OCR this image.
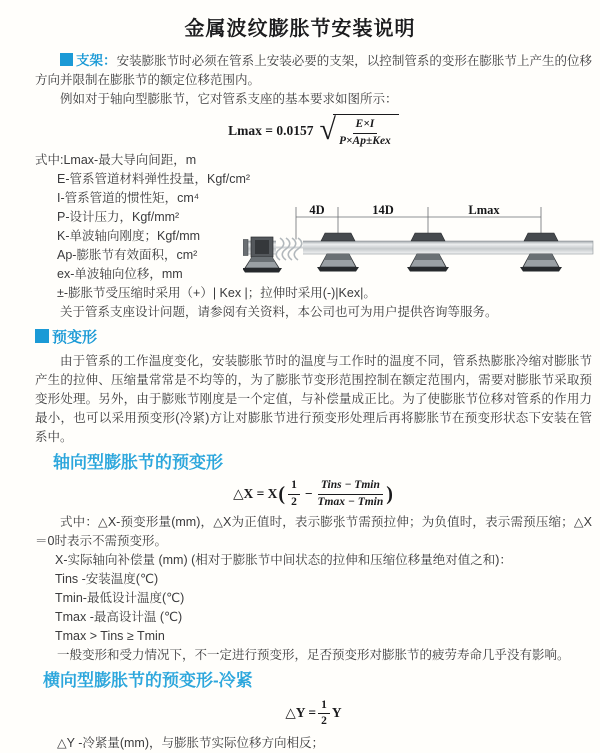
金属波纹膨胀节安装说明

支架：安装膨胀节时必须在管系上安装必要的支架，以控制管系的变形在膨胀节上产生的位移方向并限制在膨胀节的额定位移范围内。

例如对于轴向型膨胀节，它对管系支座的基本要求如图所示：

Lmax = 0.0157 √ $\frac{E\times I}{\text{P×Ap±Kex}}$
式中:Lmax-最大导向间距，m
E-管系管道材料弹性投量，Kgf/cm²
I-管系管道的惯性矩，cm⁴
P-设计压力，Kgf/mm²
K-单波轴向刚度；Kgf/mm
Ap-膨胀节有效面积，cm²
ex-单波轴向位移，mm
±-膨胀节受压缩时采用（+）| Kex |；拉伸时采用(-)|Kex|。

关于管系支座设计问题，请参阅有关资料，本公司也可为用户提供咨询等服务。

预变形

由于管系的工作温度变化，安装膨胀节时的温度与工作时的温度不同，管系热膨胀冷缩对膨胀节产生的拉伸、压缩量常常是不均等的，为了膨胀节变形范围控制在额定范围内，需要对膨胀节采取预变形处理。另外，由于膨账节刚度是一个定值，与补偿量成正比。为了使膨胀节位移对管系的作用力最小，也可以采用预变形(冷紧)方让对膨胀节进行预变形处理后再将膨胀节在预变形状态下安装在管系中。

轴向型膨胀节的预变形
△X = X ( $\frac{1}{2} - \frac{\text{Tins − Tmin}}{Tmax - Tmin}$ )

式中：△X-预变形量(mm)，△X为正值时，表示膨张节需预拉伸；为负值时，表示需预压缩；△X＝0时表示不需预变形。

X-实际轴向补偿量 (mm) (相对于膨胀节中间状态的拉伸和压缩位移量绝对值之和)：
Tins -安装温度(℃)
Tmin-最低设计温度(℃)
Tmax -最高设计温 (℃)
Tmax > Tins ≥ Tmin
一般变形和受力情况下，不一定进行预变形，足否预变形对膨胀节的疲劳寿命几乎没有影响。
横向型膨胀节的预变形-冷紧
△Y = $\frac{1}{2}$ Y

△Y -冷紧量(mm)，与膨胀节实际位移方向相反；

4D	14D	Lmax
